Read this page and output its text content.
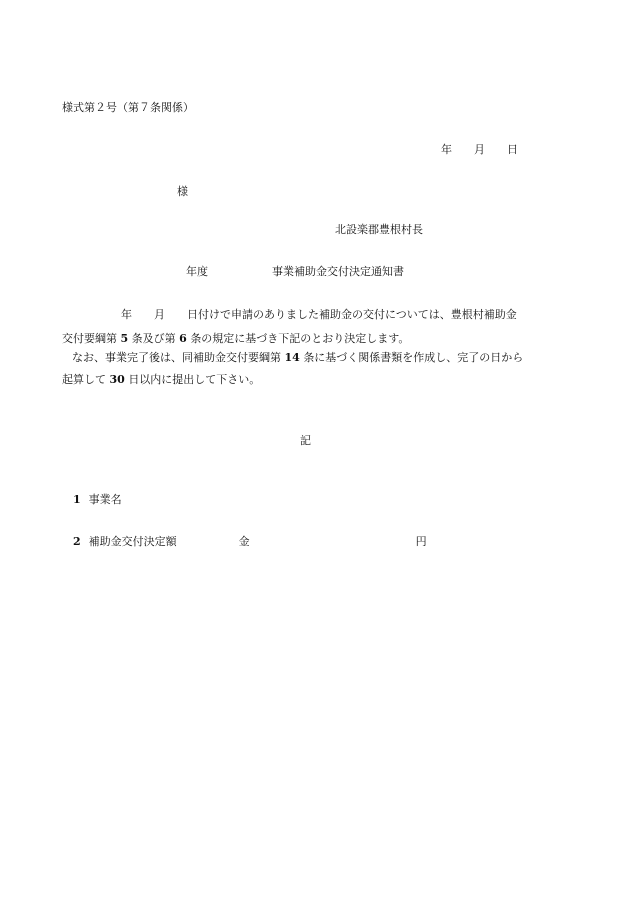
様式第２号（第７条関係）
年 月 日
様
北設楽郡豊根村長
年度	事業補助金交付決定通知書
年 月 日付けで申請のありました補助金の交付については、豊根村補助金
交付要綱第 5 条及び第 6 条の規定に基づき下記のとおり決定します。
なお、事業完了後は、同補助金交付要綱第 14 条に基づく関係書類を作成し、完了の日から
起算して 30 日以内に提出して下さい。
記
1 事業名
2 補助金交付決定額	金	円
